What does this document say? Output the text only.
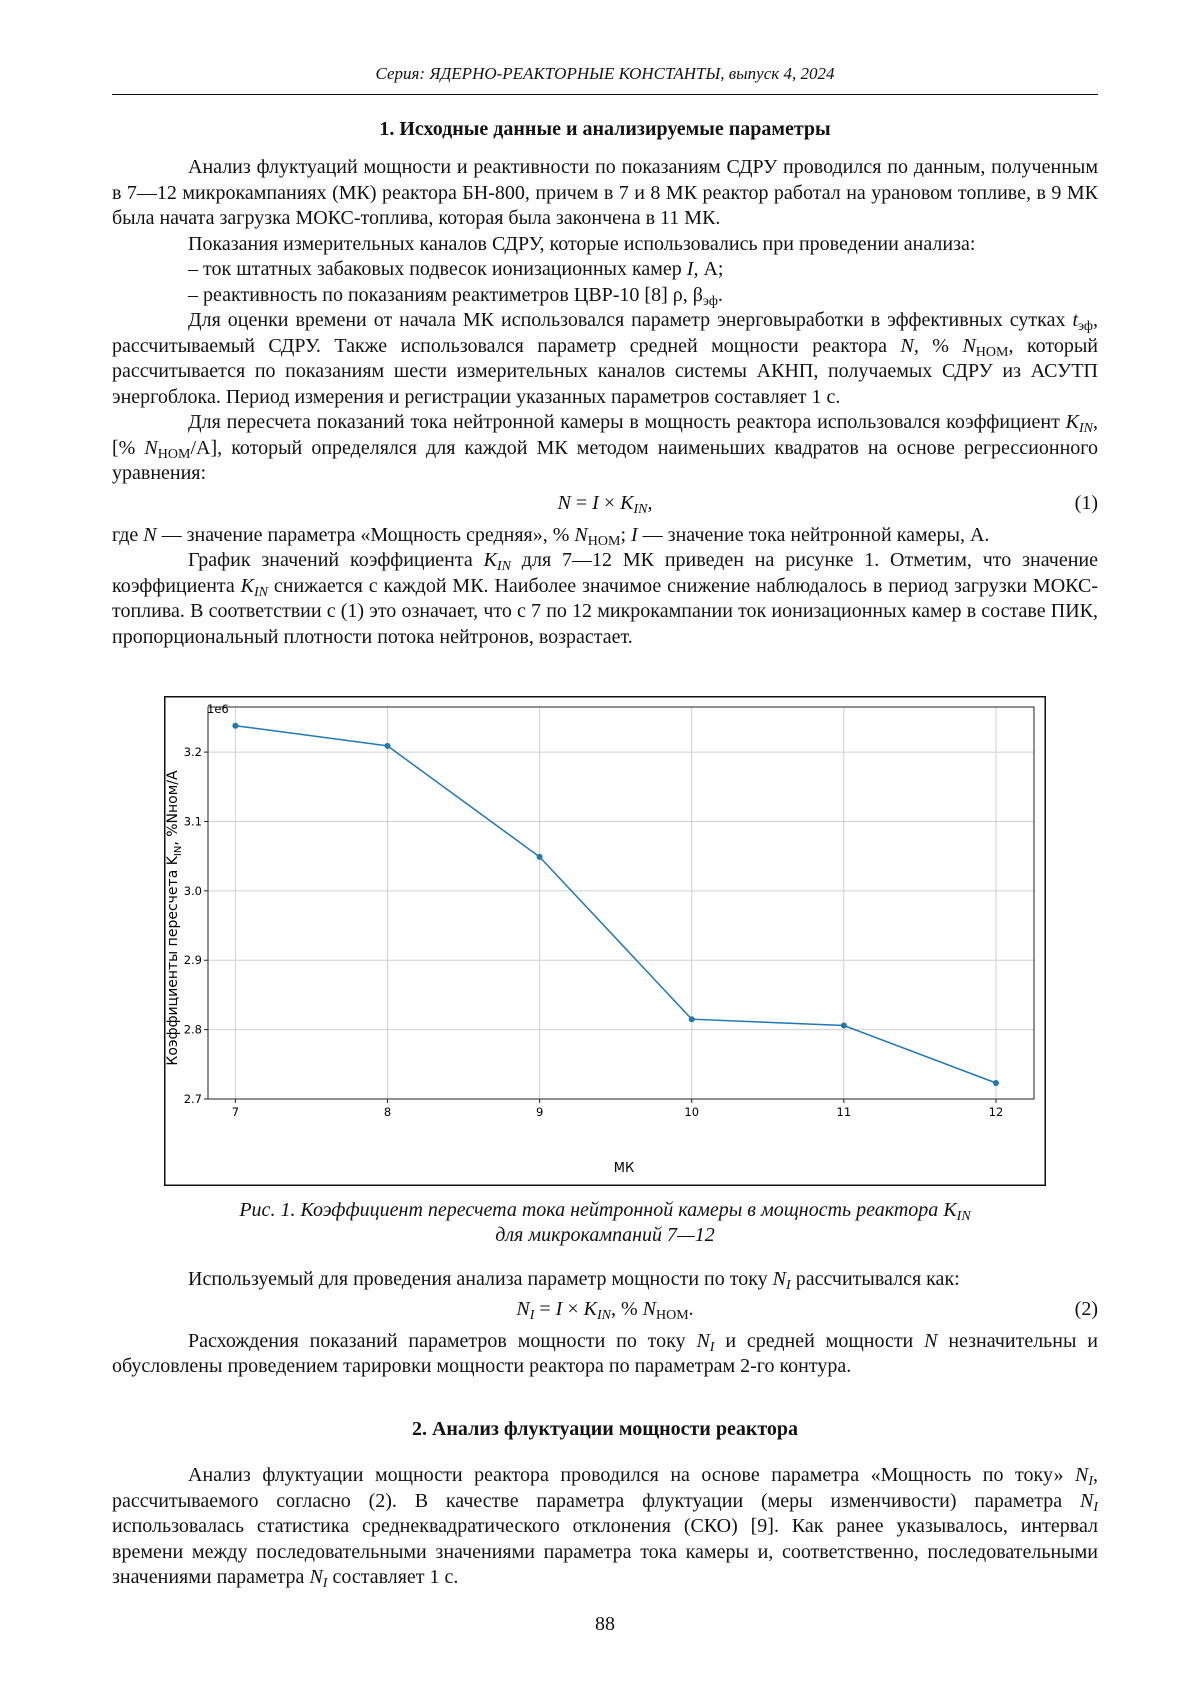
Серия: ЯДЕРНО-РЕАКТОРНЫЕ КОНСТАНТЫ, выпуск 4, 2024
1. Исходные данные и анализируемые параметры

Анализ флуктуаций мощности и реактивности по показаниям СДРУ проводился по данным, полученным в 7—12 микрокампаниях (МК) реактора БН-800, причем в 7 и 8 МК реактор работал на урановом топливе, в 9 МК была начата загрузка МОКС-топлива, которая была закончена в 11 МК.

Показания измерительных каналов СДРУ, которые использовались при проведении анализа:

– ток штатных забаковых подвесок ионизационных камер I, А;

– реактивность по показаниям реактиметров ЦВР-10 [8] ρ, $\beta_{эф}$.

Для оценки времени от начала МК использовался параметр энерговыработки в эффективных сутках $t_{эф}$, рассчитываемый СДРУ. Также использовался параметр средней мощности реактора N, % $N_{НОМ}$, который рассчитывается по показаниям шести измерительных каналов системы АКНП, получаемых СДРУ из АСУТП энергоблока. Период измерения и регистрации указанных параметров составляет 1 с.

Для пересчета показаний тока нейтронной камеры в мощность реактора использовался коэффициент $K_{IN}$, [% $N_{НОМ}/А$], который определялся для каждой МК методом наименьших квадратов на основе регрессионного уравнения:

$N = I \times K_{IN}$,	(1)

где N — значение параметра «Мощность средняя», % $N_{НОМ}$; I — значение тока нейтронной камеры, А.

График значений коэффициента $K_{IN}$ для 7—12 МК приведен на рисунке 1. Отметим, что значение коэффициента $K_{IN}$ снижается с каждой МК. Наиболее значимое снижение наблюдалось в период загрузки МОКС-топлива. В соответствии с (1) это означает, что с 7 по 12 микрокампании ток ионизационных камер в составе ПИК, пропорциональный плотности потока нейтронов, возрастает.

7	8	9	10	11	12
2.7
2.8
2.9
3.0
3.1
3.2
1e6
МК
Коэффициенты пересчета $K_{IN}$, %Nном/А
Рис. 1. Коэффициент пересчета тока нейтронной камеры в мощность реактора $K_{IN}$
для микрокампаний 7—12

Используемый для проведения анализа параметр мощности по току $N_I$ рассчитывался как:

$N_I = I \times K_{IN}$, % $N_{НОМ}$.	(2)

Расхождения показаний параметров мощности по току $N_I$ и средней мощности N незначительны и обусловлены проведением тарировки мощности реактора по параметрам 2-го контура.

2. Анализ флуктуации мощности реактора

Анализ флуктуации мощности реактора проводился на основе параметра «Мощность по току» $N_I$, рассчитываемого согласно (2). В качестве параметра флуктуации (меры изменчивости) параметра $N_I$ использовалась статистика среднеквадратического отклонения (СКО) [9]. Как ранее указывалось, интервал времени между последовательными значениями параметра тока камеры и, соответственно, последовательными значениями параметра $N_I$ составляет 1 с.

88
